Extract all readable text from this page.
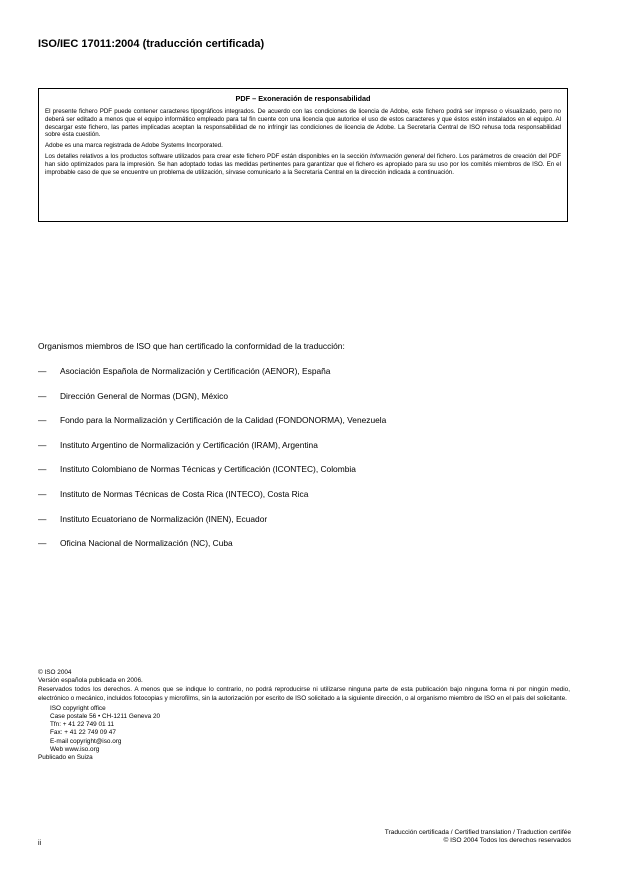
ISO/IEC 17011:2004 (traducción certificada)
PDF – Exoneración de responsabilidad

El presente fichero PDF puede contener caracteres tipográficos integrados. De acuerdo con las condiciones de licencia de Adobe, este fichero podrá ser impreso o visualizado, pero no deberá ser editado a menos que el equipo informático empleado para tal fin cuente con una licencia que autorice el uso de estos caracteres y que éstos estén instalados en el equipo. Al descargar este fichero, las partes implicadas aceptan la responsabilidad de no infringir las condiciones de licencia de Adobe. La Secretaría Central de ISO rehusa toda responsabilidad sobre esta cuestión.

Adobe es una marca registrada de Adobe Systems Incorporated.

Los detalles relativos a los productos software utilizados para crear este fichero PDF están disponibles en la sección Información general del fichero. Los parámetros de creación del PDF han sido optimizados para la impresión. Se han adoptado todas las medidas pertinentes para garantizar que el fichero es apropiado para su uso por los comités miembros de ISO. En el improbable caso de que se encuentre un problema de utilización, sírvase comunicarlo a la Secretaría Central en la dirección indicada a continuación.

Organismos miembros de ISO que han certificado la conformidad de la traducción:
—	Asociación Española de Normalización y Certificación (AENOR), España
—	Dirección General de Normas (DGN), México
—	Fondo para la Normalización y Certificación de la Calidad (FONDONORMA), Venezuela
—	Instituto Argentino de Normalización y Certificación (IRAM), Argentina
—	Instituto Colombiano de Normas Técnicas y Certificación (ICONTEC), Colombia
—	Instituto de Normas Técnicas de Costa Rica (INTECO), Costa Rica
—	Instituto Ecuatoriano de Normalización (INEN), Ecuador
—	Oficina Nacional de Normalización (NC), Cuba

© ISO 2004

Versión española publicada en 2006.

Reservados todos los derechos. A menos que se indique lo contrario, no podrá reproducirse ni utilizarse ninguna parte de esta publicación bajo ninguna forma ni por ningún medio, electrónico o mecánico, incluidos fotocopias y microfilms, sin la autorización por escrito de ISO solicitado a la siguiente dirección, o al organismo miembro de ISO en el país del solicitante.

ISO copyright office
Case postale 56 • CH-1211 Geneva 20
Tfn: + 41 22 749 01 11
Fax: + 41 22 749 09 47
E-mail copyright@iso.org
Web www.iso.org

Publicado en Suiza

Traducción certificada / Certified translation / Traduction certifée
© ISO 2004 Todos los derechos reservados
ii
